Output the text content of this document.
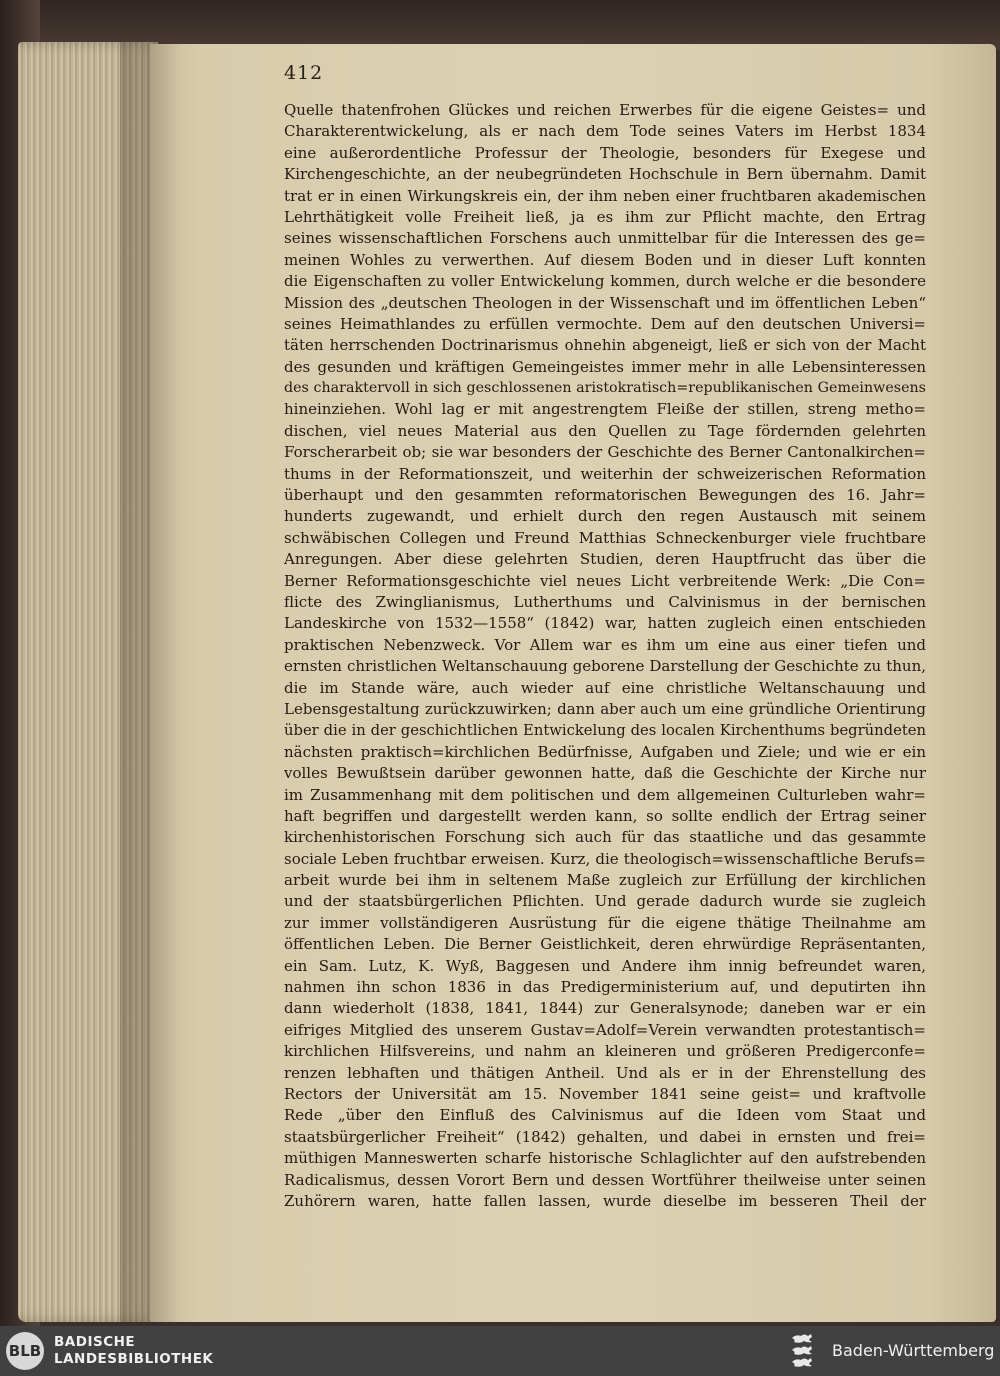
412
Quelle thatenfrohen Glückes und reichen Erwerbes für die eigene Geistes= und
Charakterentwickelung, als er nach dem Tode seines Vaters im Herbst 1834
eine außerordentliche Professur der Theologie, besonders für Exegese und
Kirchengeschichte, an der neubegründeten Hochschule in Bern übernahm. Damit
trat er in einen Wirkungskreis ein, der ihm neben einer fruchtbaren akademischen
Lehrthätigkeit volle Freiheit ließ, ja es ihm zur Pflicht machte, den Ertrag
seines wissenschaftlichen Forschens auch unmittelbar für die Interessen des ge=
meinen Wohles zu verwerthen. Auf diesem Boden und in dieser Luft konnten
die Eigenschaften zu voller Entwickelung kommen, durch welche er die besondere
Mission des „deutschen Theologen in der Wissenschaft und im öffentlichen Leben“
seines Heimathlandes zu erfüllen vermochte. Dem auf den deutschen Universi=
täten herrschenden Doctrinarismus ohnehin abgeneigt, ließ er sich von der Macht
des gesunden und kräftigen Gemeingeistes immer mehr in alle Lebensinteressen
des charaktervoll in sich geschlossenen aristokratisch=republikanischen Gemeinwesens
hineinziehen. Wohl lag er mit angestrengtem Fleiße der stillen, streng metho=
dischen, viel neues Material aus den Quellen zu Tage fördernden gelehrten
Forscherarbeit ob; sie war besonders der Geschichte des Berner Cantonalkirchen=
thums in der Reformationszeit, und weiterhin der schweizerischen Reformation
überhaupt und den gesammten reformatorischen Bewegungen des 16. Jahr=
hunderts zugewandt, und erhielt durch den regen Austausch mit seinem
schwäbischen Collegen und Freund Matthias Schneckenburger viele fruchtbare
Anregungen. Aber diese gelehrten Studien, deren Hauptfrucht das über die
Berner Reformationsgeschichte viel neues Licht verbreitende Werk: „Die Con=
flicte des Zwinglianismus, Lutherthums und Calvinismus in der bernischen
Landeskirche von 1532—1558“ (1842) war, hatten zugleich einen entschieden
praktischen Nebenzweck. Vor Allem war es ihm um eine aus einer tiefen und
ernsten christlichen Weltanschauung geborene Darstellung der Geschichte zu thun,
die im Stande wäre, auch wieder auf eine christliche Weltanschauung und
Lebensgestaltung zurückzuwirken; dann aber auch um eine gründliche Orientirung
über die in der geschichtlichen Entwickelung des localen Kirchenthums begründeten
nächsten praktisch=kirchlichen Bedürfnisse, Aufgaben und Ziele; und wie er ein
volles Bewußtsein darüber gewonnen hatte, daß die Geschichte der Kirche nur
im Zusammenhang mit dem politischen und dem allgemeinen Culturleben wahr=
haft begriffen und dargestellt werden kann, so sollte endlich der Ertrag seiner
kirchenhistorischen Forschung sich auch für das staatliche und das gesammte
sociale Leben fruchtbar erweisen. Kurz, die theologisch=wissenschaftliche Berufs=
arbeit wurde bei ihm in seltenem Maße zugleich zur Erfüllung der kirchlichen
und der staatsbürgerlichen Pflichten. Und gerade dadurch wurde sie zugleich
zur immer vollständigeren Ausrüstung für die eigene thätige Theilnahme am
öffentlichen Leben. Die Berner Geistlichkeit, deren ehrwürdige Repräsentanten,
ein Sam. Lutz, K. Wyß, Baggesen und Andere ihm innig befreundet waren,
nahmen ihn schon 1836 in das Predigerministerium auf, und deputirten ihn
dann wiederholt (1838, 1841, 1844) zur Generalsynode; daneben war er ein
eifriges Mitglied des unserem Gustav=Adolf=Verein verwandten protestantisch=
kirchlichen Hilfsvereins, und nahm an kleineren und größeren Predigerconfe=
renzen lebhaften und thätigen Antheil. Und als er in der Ehrenstellung des
Rectors der Universität am 15. November 1841 seine geist= und kraftvolle
Rede „über den Einfluß des Calvinismus auf die Ideen vom Staat und
staatsbürgerlicher Freiheit“ (1842) gehalten, und dabei in ernsten und frei=
müthigen Manneswerten scharfe historische Schlaglichter auf den aufstrebenden
Radicalismus, dessen Vorort Bern und dessen Wortführer theilweise unter seinen
Zuhörern waren, hatte fallen lassen, wurde dieselbe im besseren Theil der
BLB BADISCHE
LANDESBIBLIOTHEK	Baden-Württemberg
